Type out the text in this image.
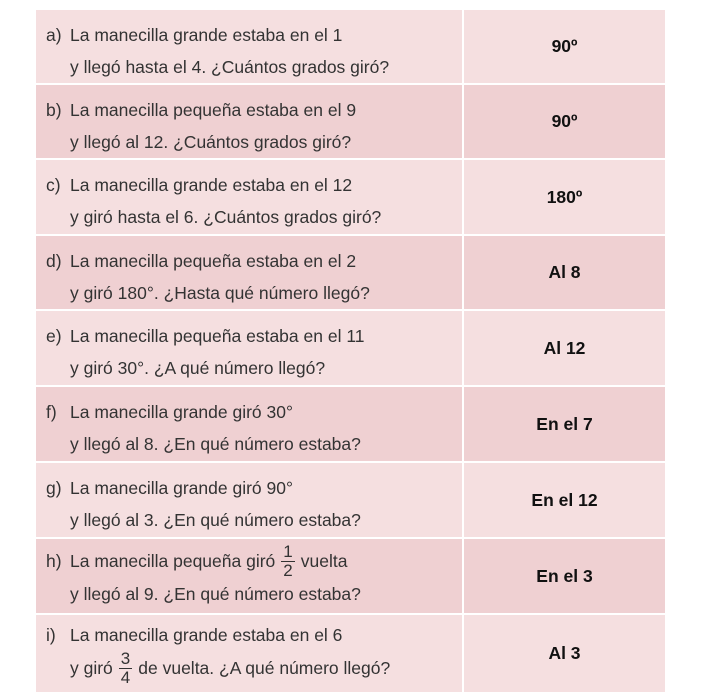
a) La manecilla grande estaba en el 1
y llegó hasta el 4. ¿Cuántos grados giró?
90º
b) La manecilla pequeña estaba en el 9
y llegó al 12. ¿Cuántos grados giró?
90º
c) La manecilla grande estaba en el 12
y giró hasta el 6. ¿Cuántos grados giró?
180º
d) La manecilla pequeña estaba en el 2
y giró 180°. ¿Hasta qué número llegó?
Al 8
e) La manecilla pequeña estaba en el 11
y giró 30°. ¿A qué número llegó?
Al 12
f) La manecilla grande giró 30°
y llegó al 8. ¿En qué número estaba?
En el 7
g) La manecilla grande giró 90°
y llegó al 3. ¿En qué número estaba?
En el 12
h) La manecilla pequeña giró $\frac{1}{2}$ vuelta
y llegó al 9. ¿En qué número estaba?
En el 3
i) La manecilla grande estaba en el 6
y giró $\frac{3}{4}$ de vuelta. ¿A qué número llegó?
Al 3
